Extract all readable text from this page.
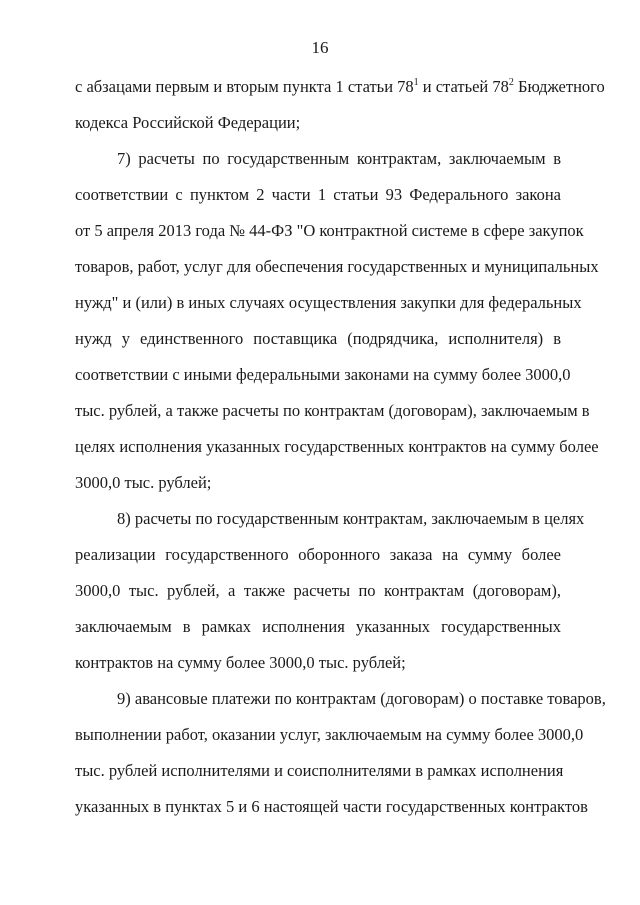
16
с абзацами первым и вторым пункта 1 статьи $78^1$ и статьей $78^2$ Бюджетного
кодекса Российской Федерации;
7) расчеты по государственным контрактам, заключаемым в
соответствии с пунктом 2 части 1 статьи 93 Федерального закона
от 5 апреля 2013 года № 44-ФЗ "О контрактной системе в сфере закупок
товаров, работ, услуг для обеспечения государственных и муниципальных
нужд" и (или) в иных случаях осуществления закупки для федеральных
нужд у единственного поставщика (подрядчика, исполнителя) в
соответствии с иными федеральными законами на сумму более 3000,0
тыс. рублей, а также расчеты по контрактам (договорам), заключаемым в
целях исполнения указанных государственных контрактов на сумму более
3000,0 тыс. рублей;
8) расчеты по государственным контрактам, заключаемым в целях
реализации государственного оборонного заказа на сумму более
3000,0 тыс. рублей, а также расчеты по контрактам (договорам),
заключаемым в рамках исполнения указанных государственных
контрактов на сумму более 3000,0 тыс. рублей;
9) авансовые платежи по контрактам (договорам) о поставке товаров,
выполнении работ, оказании услуг, заключаемым на сумму более 3000,0
тыс. рублей исполнителями и соисполнителями в рамках исполнения
указанных в пунктах 5 и 6 настоящей части государственных контрактов
